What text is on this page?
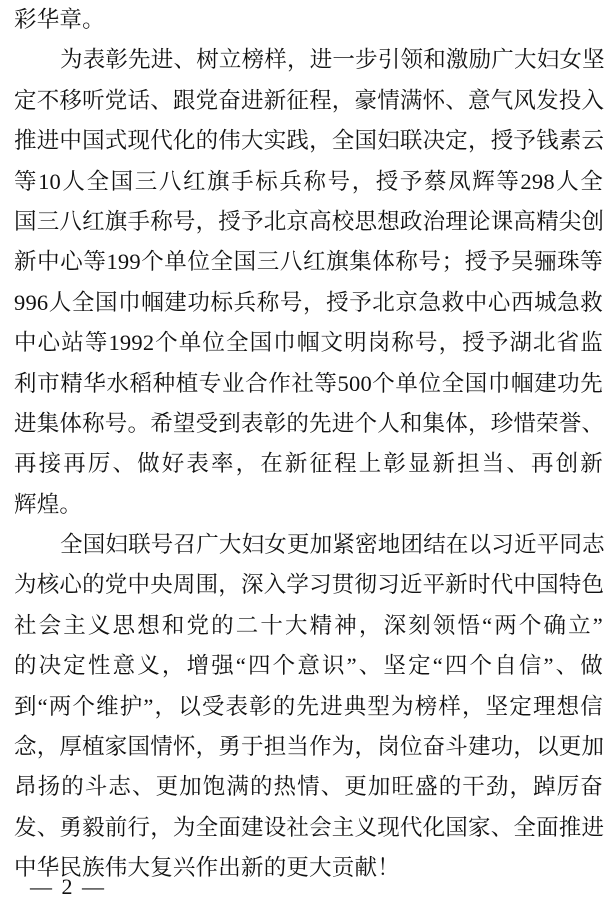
彩华章。
为表彰先进、树立榜样，进一步引领和激励广大妇女坚
定不移听党话、跟党奋进新征程，豪情满怀、意气风发投入
推进中国式现代化的伟大实践，全国妇联决定，授予钱素云
等10人全国三八红旗手标兵称号，授予蔡凤辉等298人全
国三八红旗手称号，授予北京高校思想政治理论课高精尖创
新中心等199个单位全国三八红旗集体称号；授予吴骊珠等
996人全国巾帼建功标兵称号，授予北京急救中心西城急救
中心站等1992个单位全国巾帼文明岗称号，授予湖北省监
利市精华水稻种植专业合作社等500个单位全国巾帼建功先
进集体称号。希望受到表彰的先进个人和集体，珍惜荣誉、
再接再厉、做好表率，在新征程上彰显新担当、再创新
辉煌。
全国妇联号召广大妇女更加紧密地团结在以习近平同志
为核心的党中央周围，深入学习贯彻习近平新时代中国特色
社会主义思想和党的二十大精神，深刻领悟“两个确立”
的决定性意义，增强“四个意识”、坚定“四个自信”、做
到“两个维护”，以受表彰的先进典型为榜样，坚定理想信
念，厚植家国情怀，勇于担当作为，岗位奋斗建功，以更加
昂扬的斗志、更加饱满的热情、更加旺盛的干劲，踔厉奋
发、勇毅前行，为全面建设社会主义现代化国家、全面推进
中华民族伟大复兴作出新的更大贡献！
— 2 —
